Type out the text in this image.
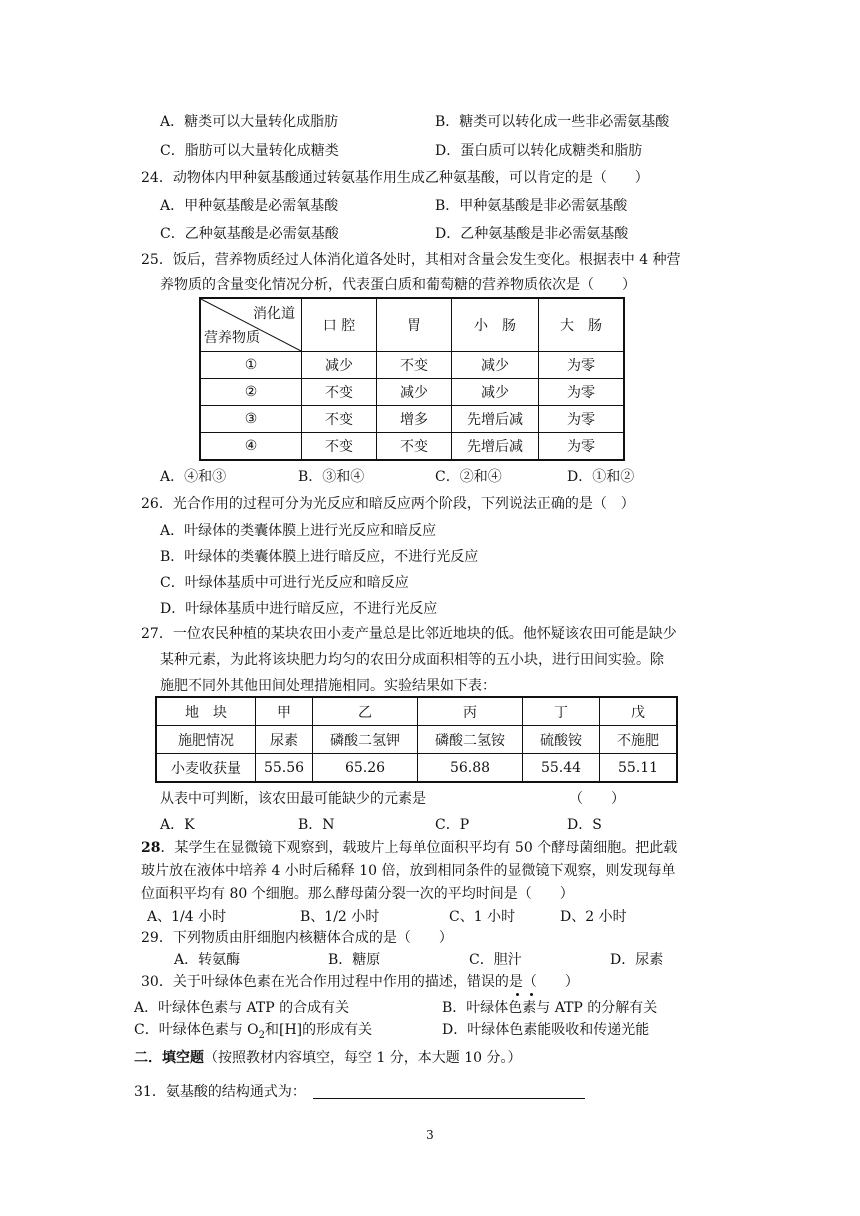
A．糖类可以大量转化成脂肪	B．糖类可以转化成一些非必需氨基酸
C．脂肪可以大量转化成糖类	D．蛋白质可以转化成糖类和脂肪
24．动物体内甲种氨基酸通过转氨基作用生成乙种氨基酸，可以肯定的是（　　）
A．甲种氨基酸是必需氧基酸	B．甲种氨基酸是非必需氨基酸
C．乙种氨基酸是必需氨基酸	D．乙种氨基酸是非必需氨基酸
25．饭后，营养物质经过人体消化道各处时，其相对含量会发生变化。根据表中 4 种营
养物质的含量变化情况分析，代表蛋白质和葡萄糖的营养物质依次是（　　）
消化道
营养物质	口 腔	胃	小　肠	大　肠
①	减少	不变	减少	为零
②	不变	减少	减少	为零
③	不变	增多	先增后减	为零
④	不变	不变	先增后减	为零
A．④和③	B．③和④	C．②和④	D．①和②
26．光合作用的过程可分为光反应和暗反应两个阶段，下列说法正确的是（　）
A．叶绿体的类囊体膜上进行光反应和暗反应
B．叶绿体的类囊体膜上进行暗反应，不进行光反应
C．叶绿体基质中可进行光反应和暗反应
D．叶绿体基质中进行暗反应，不进行光反应
27．一位农民种植的某块农田小麦产量总是比邻近地块的低。他怀疑该农田可能是缺少
某种元素，为此将该块肥力均匀的农田分成面积相等的五小块，进行田间实验。除
施肥不同外其他田间处理措施相同。实验结果如下表：
地　块	甲	乙	丙	丁	戊
施肥情况	尿素	磷酸二氢钾	磷酸二氢铵	硫酸铵	不施肥
小麦收获量	55.56	65.26	56.88	55.44	55.11
从表中可判断，该农田最可能缺少的元素是	（　　）
A．K	B．N	C．P	D．S
28．某学生在显微镜下观察到，载玻片上每单位面积平均有 50 个酵母菌细胞。把此载
玻片放在液体中培养 4 小时后稀释 10 倍，放到相同条件的显微镜下观察，则发现每单
位面积平均有 80 个细胞。那么酵母菌分裂一次的平均时间是（　　）
A、1/4 小时	B、1/2 小时	C、1 小时	D、2 小时
29．下列物质由肝细胞内核糖体合成的是（　　）
A．转氨酶	B．糖原	C．胆汁	D．尿素
30．关于叶绿体色素在光合作用过程中作用的描述，错误的是（　　）
A．叶绿体色素与 ATP 的合成有关	B．叶绿体色素与 ATP 的分解有关
C．叶绿体色素与 $O_2$和[H]的形成有关	D．叶绿体色素能吸收和传递光能
二．填空题（按照教材内容填空，每空 1 分，本大题 10 分。）
31．氨基酸的结构通式为：
3
